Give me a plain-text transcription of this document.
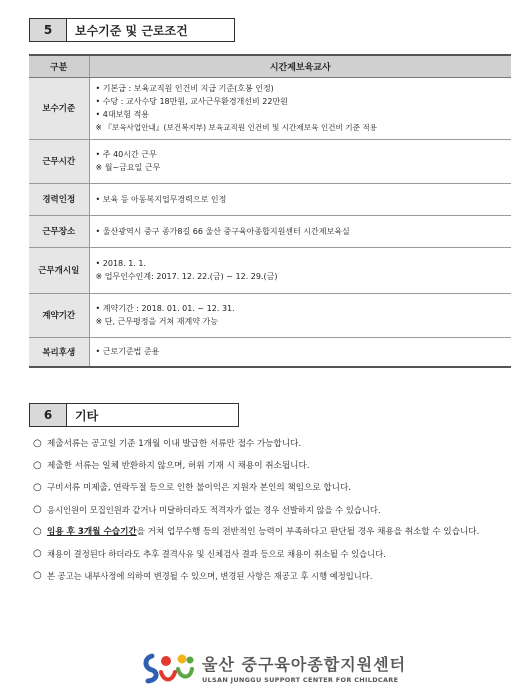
5	보수기준 및 근로조건
구분	시간제보육교사
보수기준	• 기본급 : 보육교직원 인건비 지급 기준(호봉 인정)
• 수당 : 교사수당 18만원, 교사근무환경개선비 22만원
• 4대보험 적용
※ 『보육사업안내』(보건복지부) 보육교직원 인건비 및 시간제보육 인건비 기준 적용

근무시간	• 주 40시간 근무
※ 월~금요일 근무

경력인정	• 보육 등 아동복지업무경력으로 인정

근무장소	• 울산광역시 중구 종가8길 66 울산 중구육아종합지원센터 시간제보육실

근무개시일	• 2018. 1. 1.
※ 업무인수인계: 2017. 12. 22.(금) ~ 12. 29.(금)

계약기간	• 계약기간 : 2018. 01. 01. ~ 12. 31.
※ 단, 근무평정을 거쳐 재계약 가능

복리후생	• 근로기준법 준용
6	기타
○ 제출서류는 공고일 기준 1개월 이내 발급한 서류만 접수 가능합니다.
○ 제출한 서류는 일체 반환하지 않으며, 허위 기재 시 채용이 취소됩니다.
○ 구비서류 미제출, 연락두절 등으로 인한 불이익은 지원자 본인의 책임으로 합니다.
○ 응시인원이 모집인원과 같거나 미달하더라도 적격자가 없는 경우 선발하지 않을 수 있습니다.
○ 임용 후 3개월 수습기간을 거쳐 업무수행 등의 전반적인 능력이 부족하다고 판단될 경우 채용을 취소할 수 있습니다.
○ 채용이 결정된다 하더라도 추후 결격사유 및 신체검사 결과 등으로 채용이 취소될 수 있습니다.
○ 본 공고는 내부사정에 의하여 변경될 수 있으며, 변경된 사항은 재공고 후 시행 예정입니다.
울산 중구육아종합지원센터
ULSAN JUNGGU SUPPORT CENTER FOR CHILDCARE
